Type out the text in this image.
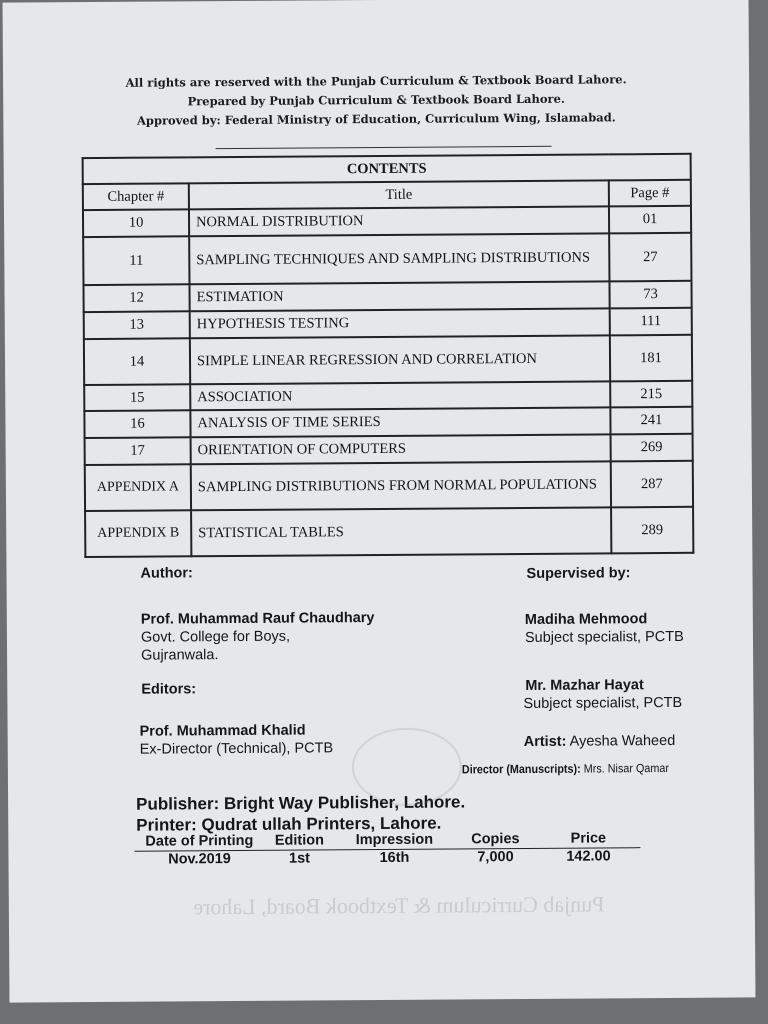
All rights are reserved with the Punjab Curriculum & Textbook Board Lahore.
Prepared by Punjab Curriculum & Textbook Board Lahore.
Approved by: Federal Ministry of Education, Curriculum Wing, Islamabad.
CONTENTS		
Chapter #	Title	Page #
10	NORMAL DISTRIBUTION	01
11	SAMPLING TECHNIQUES AND SAMPLING DISTRIBUTIONS	27
12	ESTIMATION	73
13	HYPOTHESIS TESTING	111
14	SIMPLE LINEAR REGRESSION AND CORRELATION	181
15	ASSOCIATION	215
16	ANALYSIS OF TIME SERIES	241
17	ORIENTATION OF COMPUTERS	269
APPENDIX A	SAMPLING DISTRIBUTIONS FROM NORMAL POPULATIONS	287
APPENDIX B	STATISTICAL TABLES	289
Author:
Prof. Muhammad Rauf Chaudhary
Govt. College for Boys,
Gujranwala.
Editors:
Prof. Muhammad Khalid
Ex-Director (Technical), PCTB
Supervised by:
Madiha Mehmood
Subject specialist, PCTB
Mr. Mazhar Hayat
Subject specialist, PCTB
Artist: Ayesha Waheed
Director (Manuscripts): Mrs. Nisar Qamar
Publisher: Bright Way Publisher, Lahore.
Printer: Qudrat ullah Printers, Lahore.
Date of Printing	Edition	Impression	Copies	Price
Nov.2019	1st	16th	7,000	142.00
Punjab Curriculum & Textbook Board, Lahore
